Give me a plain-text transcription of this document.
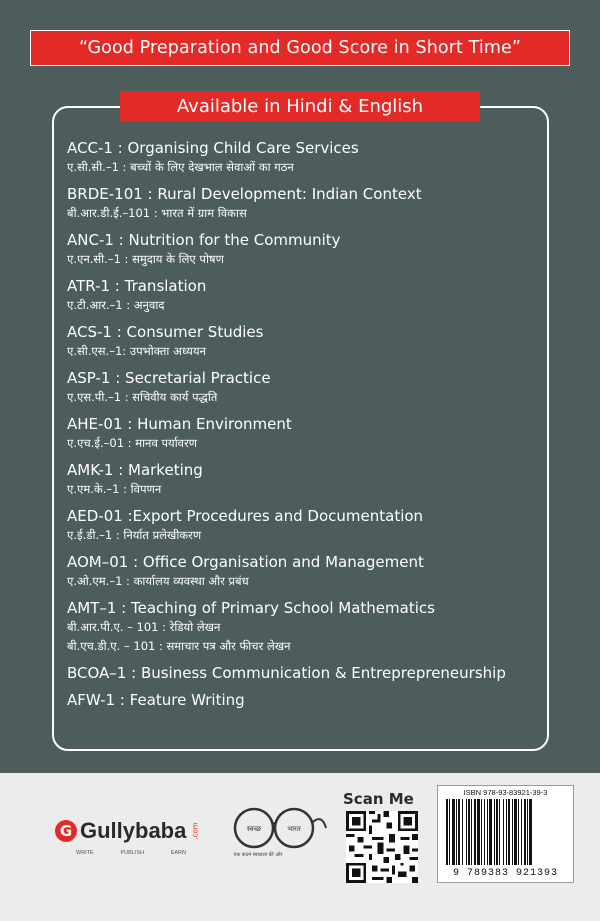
“Good Preparation and Good Score in Short Time”
Available in Hindi & English
ACC-1 : Organising Child Care Services
ए.सी.सी.–1 : बच्चों के लिए देखभाल सेवाओं का गठन
BRDE-101 : Rural Development: Indian Context
बी.आर.डी.ई.–101 : भारत में ग्राम विकास
ANC-1 : Nutrition for the Community
ए.एन.सी.–1 : समुदाय के लिए पोषण
ATR-1 : Translation
ए.टी.आर.–1 : अनुवाद
ACS-1 : Consumer Studies
ए.सी.एस.–1: उपभोक्ता अध्ययन
ASP-1 : Secretarial Practice
ए.एस.पी.–1 : सचिवीय कार्य पद्धति
AHE-01 : Human Environment
ए.एच.ई.–01 : मानव पर्यावरण
AMK-1 : Marketing
ए.एम.के.–1 : विपणन
AED-01 :Export Procedures and Documentation
ए.ई.डी.–1 : निर्यात प्रलेखीकरण
AOM–01 : Office Organisation and Management
ए.ओ.एम.–1 : कार्यालय व्यवस्था और प्रबंध
AMT–1 : Teaching of Primary School Mathematics
बी.आर.पी.ए. – 101 : रेडियो लेखन
बी.एच.डी.ए. – 101 : समाचार पत्र और फीचर लेखन
BCOA–1 : Business Communication & Entreprepreneurship
AFW-1 : Feature Writing
G Gullybaba .com
WRITE	PUBLISH	EARN
स्वच्छ	भारत
एक कदम स्वच्छता की ओर
Scan Me	ISBN 978-93-83921-39-3
9 789383 921393
